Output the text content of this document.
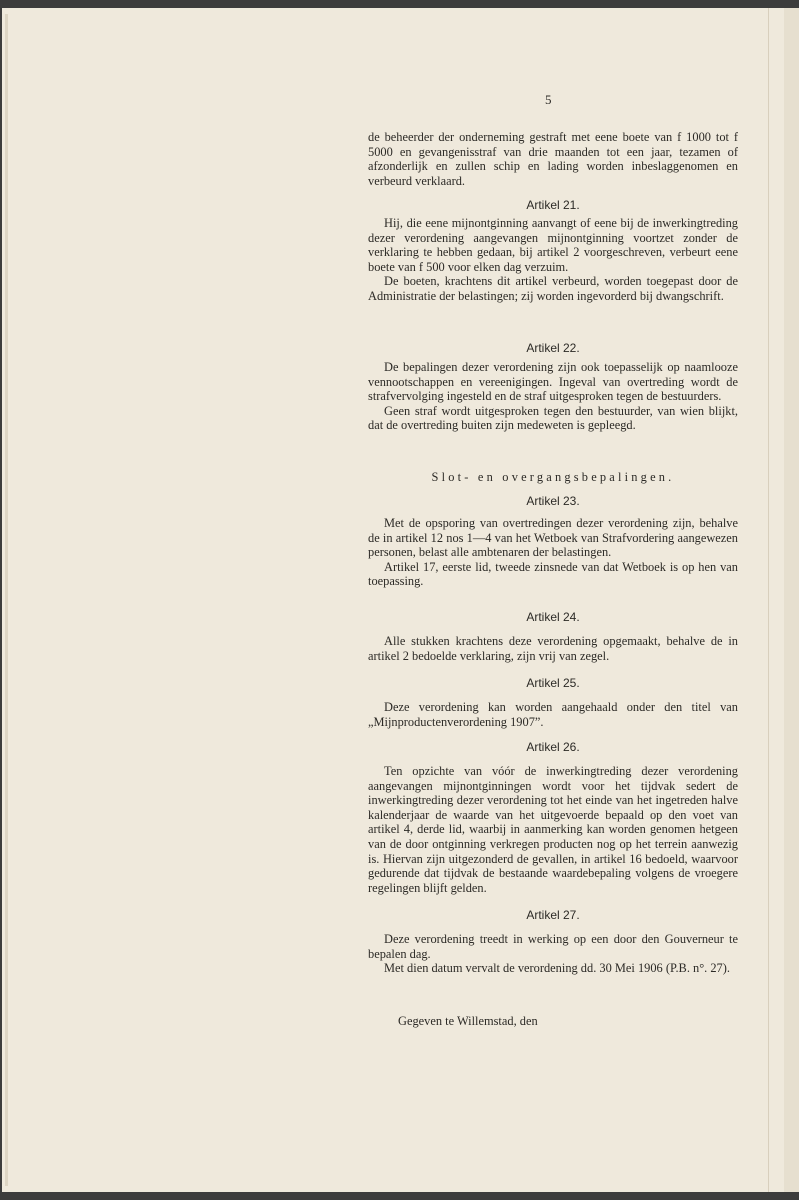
5

de beheerder der onderneming gestraft met eene boete van f 1000 tot f 5000 en gevangenisstraf van drie maanden tot een jaar, tezamen of afzonderlijk en zullen schip en lading worden inbeslaggenomen en verbeurd verklaard.

Artikel 21.

Hij, die eene mijnontginning aanvangt of eene bij de inwerkingtreding dezer verordening aangevangen mijnontginning voortzet zonder de verklaring te hebben gedaan, bij artikel 2 voorgeschreven, verbeurt eene boete van f 500 voor elken dag verzuim.

De boeten, krachtens dit artikel verbeurd, worden toegepast door de Administratie der belastingen; zij worden ingevorderd bij dwangschrift.

Artikel 22.

De bepalingen dezer verordening zijn ook toepasselijk op naamlooze vennootschappen en vereenigingen. Ingeval van overtreding wordt de strafvervolging ingesteld en de straf uitgesproken tegen de bestuurders.

Geen straf wordt uitgesproken tegen den bestuurder, van wien blijkt, dat de overtreding buiten zijn medeweten is gepleegd.

Slot- en overgangsbepalingen.
Artikel 23.

Met de opsporing van overtredingen dezer verordening zijn, behalve de in artikel 12 nos 1—4 van het Wetboek van Strafvordering aangewezen personen, belast alle ambtenaren der belastingen.

Artikel 17, eerste lid, tweede zinsnede van dat Wetboek is op hen van toepassing.

Artikel 24.

Alle stukken krachtens deze verordening opgemaakt, behalve de in artikel 2 bedoelde verklaring, zijn vrij van zegel.

Artikel 25.

Deze verordening kan worden aangehaald onder den titel van „Mijnproductenverordening 1907”.

Artikel 26.

Ten opzichte van vóór de inwerkingtreding dezer verordening aangevangen mijnontginningen wordt voor het tijdvak sedert de inwerkingtreding dezer verordening tot het einde van het ingetreden halve kalenderjaar de waarde van het uitgevoerde bepaald op den voet van artikel 4, derde lid, waarbij in aanmerking kan worden genomen hetgeen van de door ontginning verkregen producten nog op het terrein aanwezig is. Hiervan zijn uitgezonderd de gevallen, in artikel 16 bedoeld, waarvoor gedurende dat tijdvak de bestaande waardebepaling volgens de vroegere regelingen blijft gelden.

Artikel 27.

Deze verordening treedt in werking op een door den Gouverneur te bepalen dag.

Met dien datum vervalt de verordening dd. 30 Mei 1906 (P.B. n°. 27).

Gegeven te Willemstad, den
